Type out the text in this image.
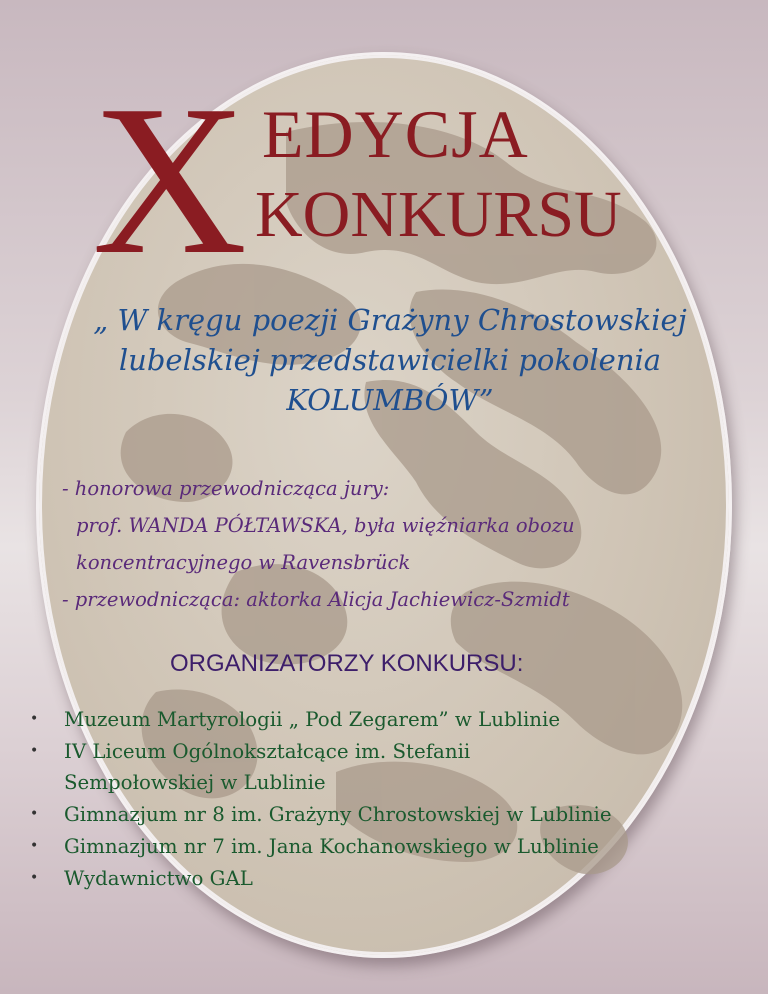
X EDYCJA
KONKURSU
„ W kręgu poezji Grażyny Chrostowskiej
lubelskiej przedstawicielki pokolenia
KOLUMBÓW”
- honorowa przewodnicząca jury:
prof. WANDA PÓŁTAWSKA, była więźniarka obozu
koncentracyjnego w Ravensbrück
- przewodnicząca: aktorka Alicja Jachiewicz-Szmidt
ORGANIZATORZY KONKURSU:
• Muzeum Martyrologii „ Pod Zegarem” w Lublinie
• IV Liceum Ogólnokształcące im. Stefanii Sempołowskiej w Lublinie
• Gimnazjum nr 8 im. Grażyny Chrostowskiej w Lublinie
• Gimnazjum nr 7 im. Jana Kochanowskiego w Lublinie
• Wydawnictwo GAL
